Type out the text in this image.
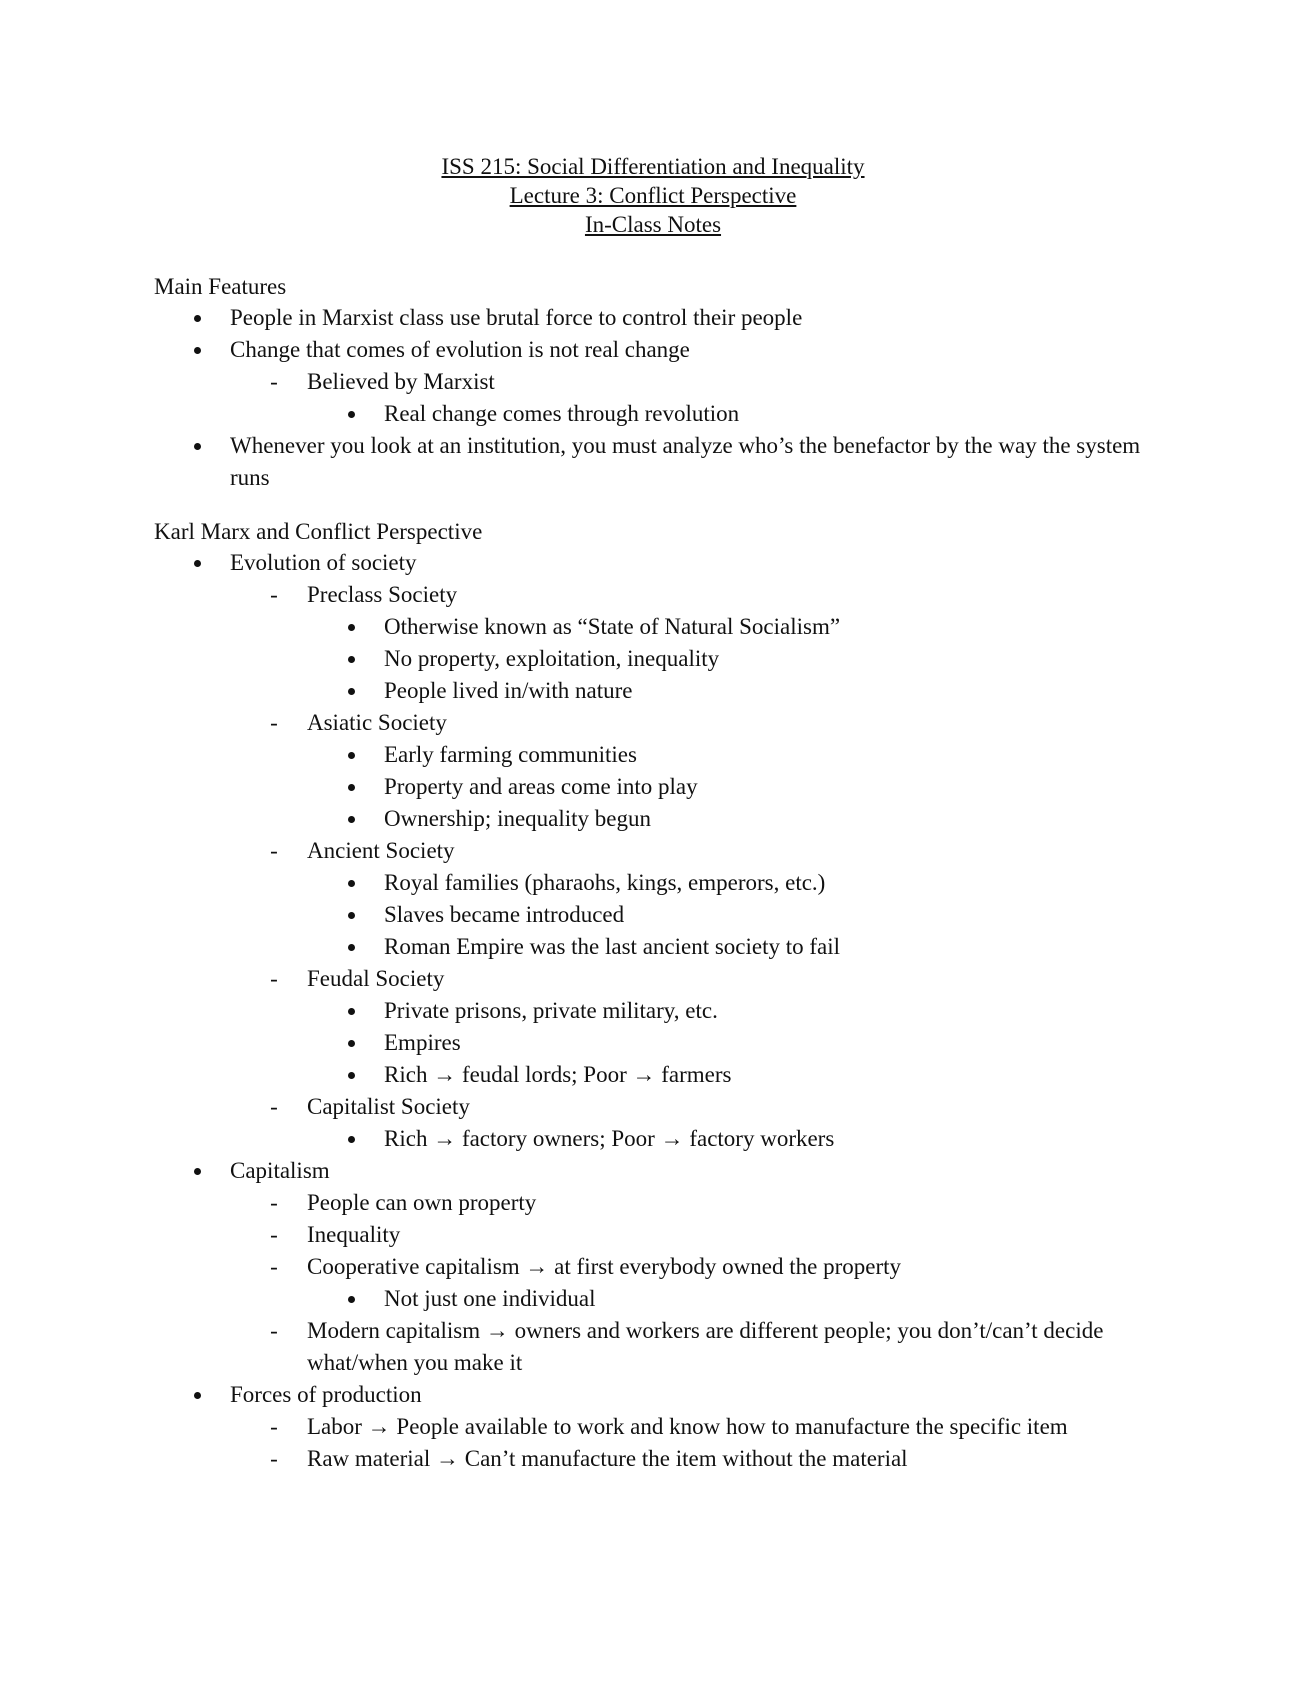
ISS 215: Social Differentiation and Inequality
Lecture 3: Conflict Perspective
In-Class Notes
Main Features
People in Marxist class use brutal force to control their people
Change that comes of evolution is not real change
- Believed by Marxist
Real change comes through revolution
Whenever you look at an institution, you must analyze who’s the benefactor by the way the system runs
Karl Marx and Conflict Perspective
Evolution of society
- Preclass Society
Otherwise known as “State of Natural Socialism”
No property, exploitation, inequality
People lived in/with nature
- Asiatic Society
Early farming communities
Property and areas come into play
Ownership; inequality begun
- Ancient Society
Royal families (pharaohs, kings, emperors, etc.)
Slaves became introduced
Roman Empire was the last ancient society to fail
- Feudal Society
Private prisons, private military, etc.
Empires
Rich → feudal lords; Poor → farmers
- Capitalist Society
Rich → factory owners; Poor → factory workers
Capitalism
- People can own property
- Inequality
- Cooperative capitalism → at first everybody owned the property
Not just one individual
- Modern capitalism → owners and workers are different people; you don’t/can’t decide what/when you make it
Forces of production
- Labor → People available to work and know how to manufacture the specific item
- Raw material → Can’t manufacture the item without the material
